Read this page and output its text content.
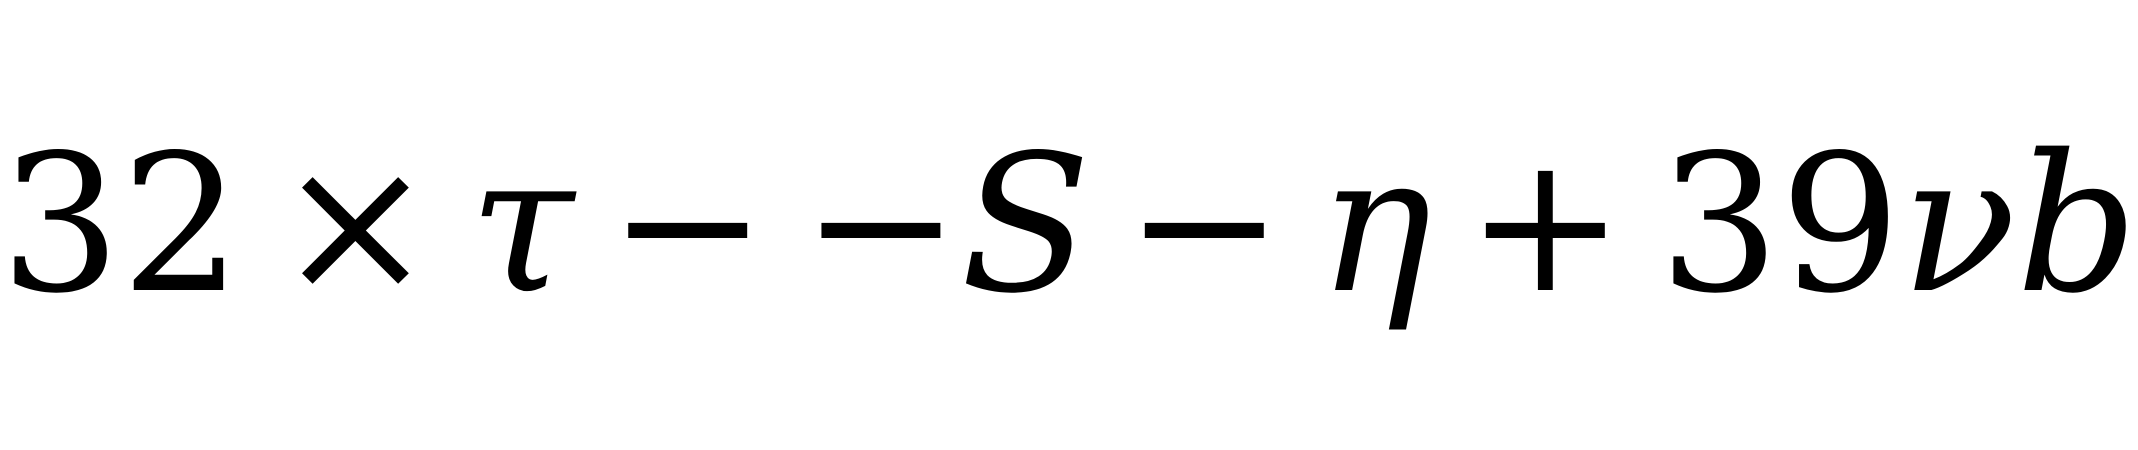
32 × τ − − S − η + 39 ν b
